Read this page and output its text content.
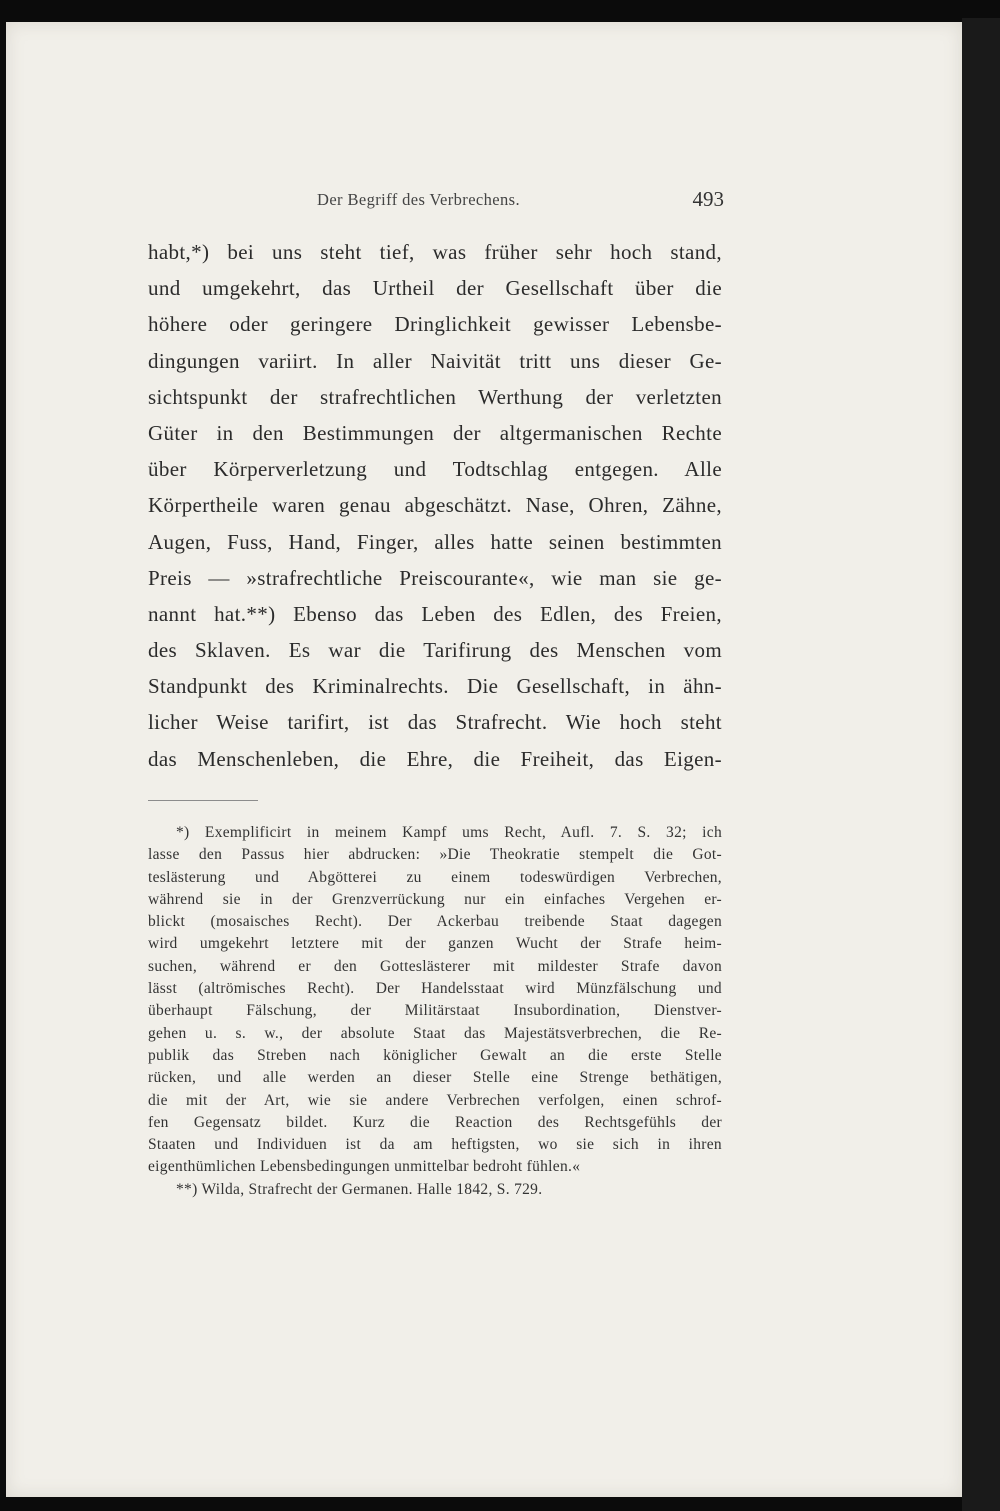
Der Begriff des Verbrechens.	493
habt,*) bei uns steht tief, was früher sehr hoch stand,
und umgekehrt, das Urtheil der Gesellschaft über die
höhere oder geringere Dringlichkeit gewisser Lebensbe-
dingungen variirt. In aller Naivität tritt uns dieser Ge-
sichtspunkt der strafrechtlichen Werthung der verletzten
Güter in den Bestimmungen der altgermanischen Rechte
über Körperverletzung und Todtschlag entgegen. Alle
Körpertheile waren genau abgeschätzt. Nase, Ohren, Zähne,
Augen, Fuss, Hand, Finger, alles hatte seinen bestimmten
Preis — »strafrechtliche Preiscourante«, wie man sie ge-
nannt hat.**) Ebenso das Leben des Edlen, des Freien,
des Sklaven. Es war die Tarifirung des Menschen vom
Standpunkt des Kriminalrechts. Die Gesellschaft, in ähn-
licher Weise tarifirt, ist das Strafrecht. Wie hoch steht
das Menschenleben, die Ehre, die Freiheit, das Eigen-
*) Exemplificirt in meinem Kampf ums Recht, Aufl. 7. S. 32; ich
lasse den Passus hier abdrucken: »Die Theokratie stempelt die Got-
teslästerung und Abgötterei zu einem todeswürdigen Verbrechen,
während sie in der Grenzverrückung nur ein einfaches Vergehen er-
blickt (mosaisches Recht). Der Ackerbau treibende Staat dagegen
wird umgekehrt letztere mit der ganzen Wucht der Strafe heim-
suchen, während er den Gotteslästerer mit mildester Strafe davon
lässt (altrömisches Recht). Der Handelsstaat wird Münzfälschung und
überhaupt Fälschung, der Militärstaat Insubordination, Dienstver-
gehen u. s. w., der absolute Staat das Majestätsverbrechen, die Re-
publik das Streben nach königlicher Gewalt an die erste Stelle
rücken, und alle werden an dieser Stelle eine Strenge bethätigen,
die mit der Art, wie sie andere Verbrechen verfolgen, einen schrof-
fen Gegensatz bildet. Kurz die Reaction des Rechtsgefühls der
Staaten und Individuen ist da am heftigsten, wo sie sich in ihren
eigenthümlichen Lebensbedingungen unmittelbar bedroht fühlen.«
**) Wilda, Strafrecht der Germanen. Halle 1842, S. 729.
